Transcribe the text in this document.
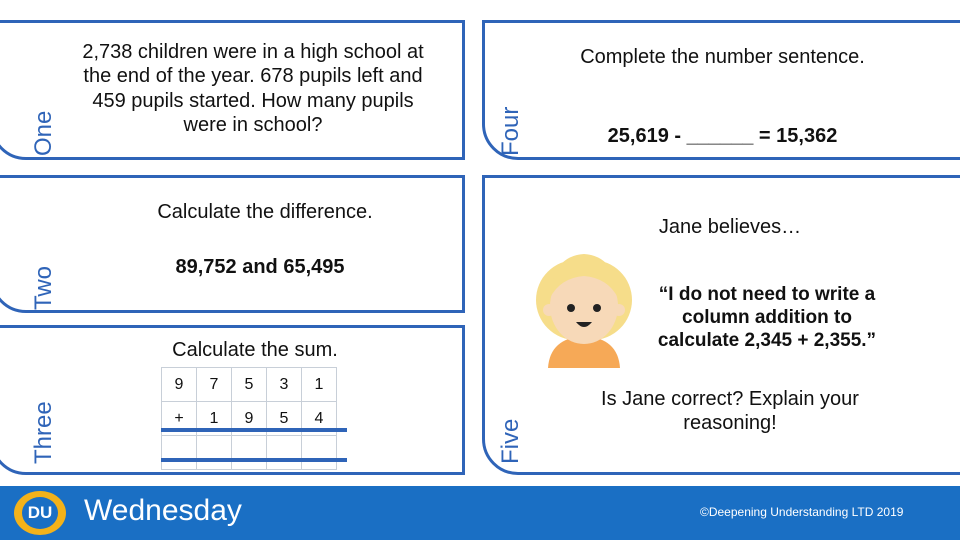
One
2,738 children were in a high school at the end of the year. 678 pupils left and 459 pupils started. How many pupils were in school?
Two
Calculate the difference.
89,752 and 65,495
Three
Calculate the sum.
9	7	5	3	1
+	1	9	5	4

Four
Complete the number sentence.
25,619 - ______ = 15,362
Five
Jane believes…
“I do not need to write a column addition to calculate 2,345 + 2,355.”
Is Jane correct? Explain your reasoning!
DU Wednesday	©Deepening Understanding LTD 2019
